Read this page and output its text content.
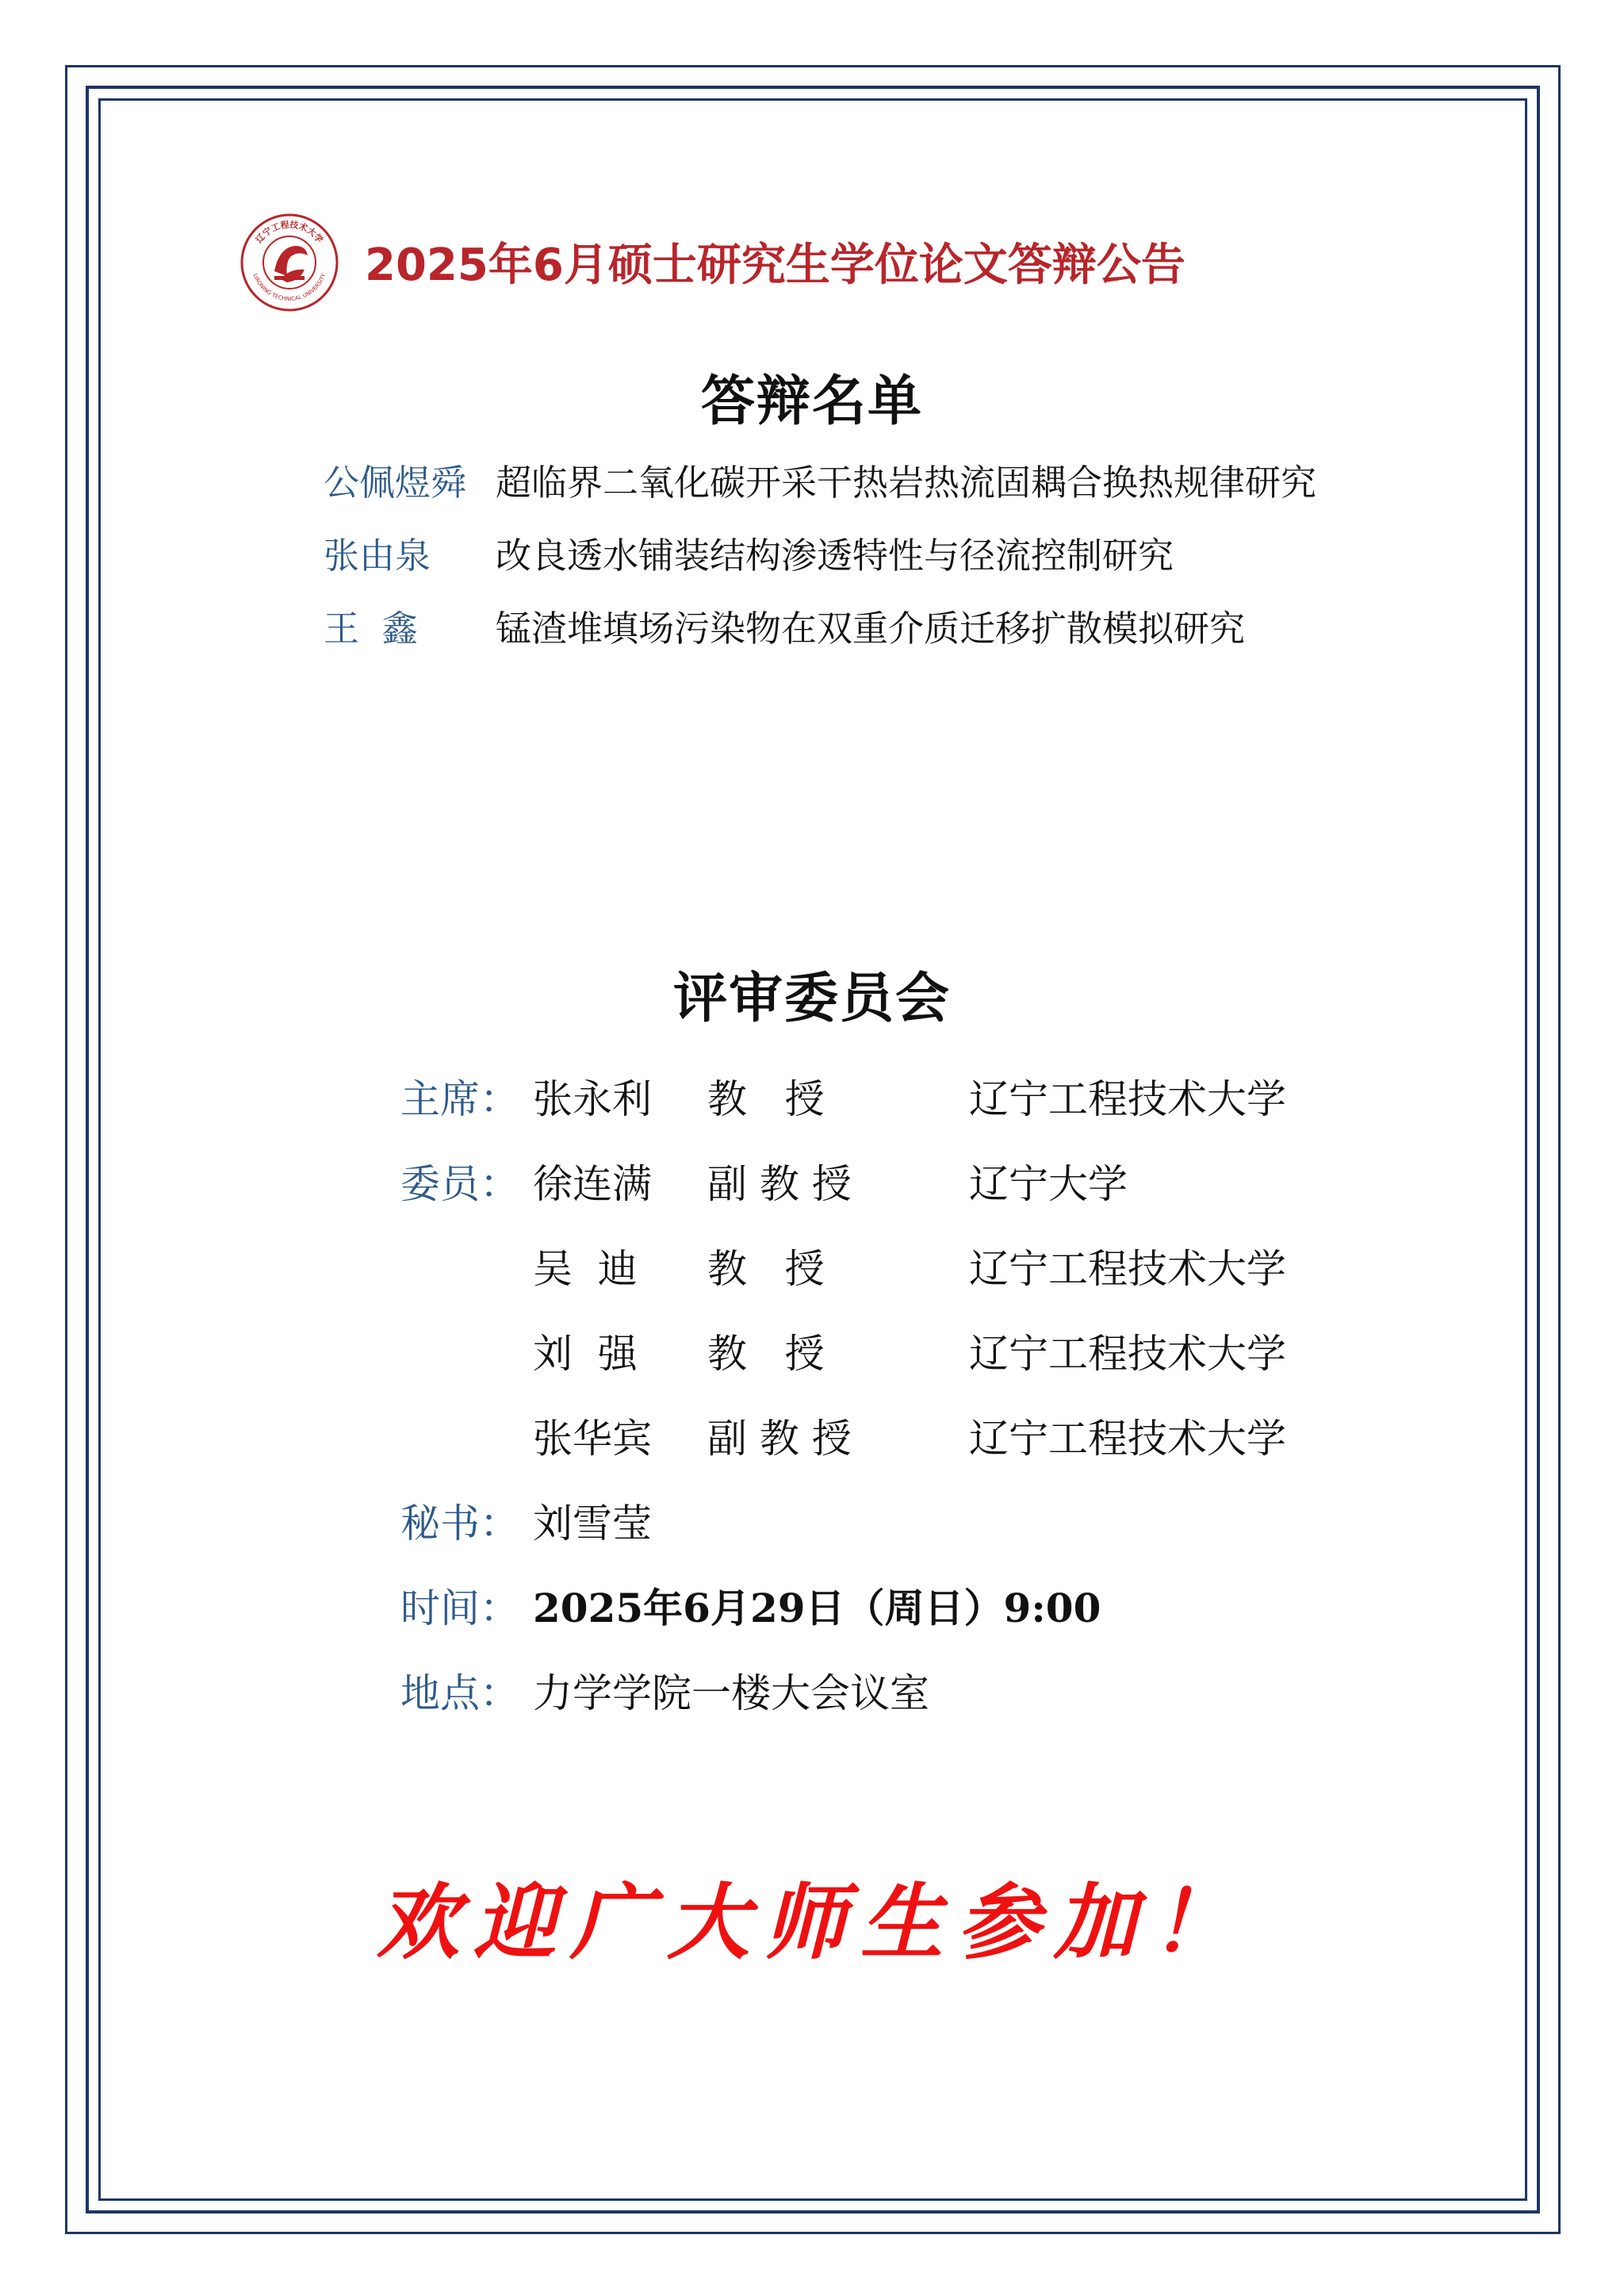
辽宁工程技术大学
LIAONING TECHNICAL UNIVERSITY 2025年6月硕士研究生学位论文答辩公告
答辩名单
公佩煜舜 超临界二氧化碳开采干热岩热流固耦合换热规律研究
张由泉 改良透水铺装结构渗透特性与径流控制研究
王  鑫 锰渣堆填场污染物在双重介质迁移扩散模拟研究
评审委员会
主席： 张永利 教   授	辽宁工程技术大学
委员： 徐连满 副 教 授	辽宁大学
吴  迪 教   授	辽宁工程技术大学
刘  强 教   授	辽宁工程技术大学
张华宾 副 教 授	辽宁工程技术大学
秘书： 刘雪莹
时间： 2025年6月29日（周日）9:00
地点： 力学学院一楼大会议室
欢迎广大师生参加！
